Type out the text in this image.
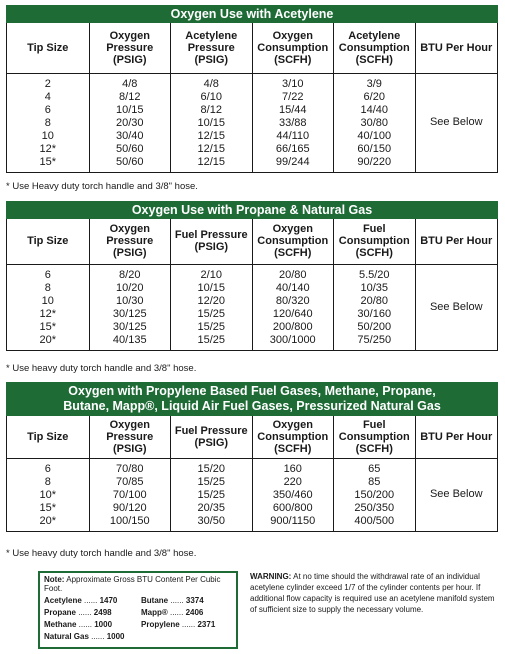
Oxygen Use with Acetylene
Tip Size	Oxygen Pressure (PSIG)	Acetylene Pressure (PSIG)	Oxygen Consumption (SCFH)	Acetylene Consumption (SCFH)	BTU Per Hour
2	4/8	4/8	3/10	3/9	See Below
4	8/12	6/10	7/22	6/20	
6	10/15	8/12	15/44	14/40	
8	20/30	10/15	33/88	30/80	
10	30/40	12/15	44/110	40/100	
12*	50/60	12/15	66/165	60/150	
15*	50/60	12/15	99/244	90/220	
* Use Heavy duty torch handle and 3/8" hose.
Oxygen Use with Propane & Natural Gas
Tip Size	Oxygen Pressure (PSIG)	Fuel Pressure (PSIG)	Oxygen Consumption (SCFH)	Fuel Consumption (SCFH)	BTU Per Hour
6	8/20	2/10	20/80	5.5/20	See Below
8	10/20	10/15	40/140	10/35	
10	10/30	12/20	80/320	20/80	
12*	30/125	15/25	120/640	30/160	
15*	30/125	15/25	200/800	50/200	
20*	40/135	15/25	300/1000	75/250	
* Use heavy duty torch handle and 3/8" hose.
Oxygen with Propylene Based Fuel Gases, Methane, Propane,
Butane, Mapp®, Liquid Air Fuel Gases, Pressurized Natural Gas
Tip Size	Oxygen Pressure (PSIG)	Fuel Pressure (PSIG)	Oxygen Consumption (SCFH)	Fuel Consumption (SCFH)	BTU Per Hour
6	70/80	15/20	160	65	See Below
8	70/85	15/25	220	85	
10*	70/100	15/25	350/460	150/200	
15*	90/120	20/35	600/800	250/350	
20*	100/150	30/50	900/1150	400/500	
* Use heavy duty torch handle and 3/8" hose.
Note: Approximate Gross BTU Content Per Cubic Foot.
Acetylene ...... 1470	Butane ...... 3374
Propane ...... 2498	Mapp® ...... 2406
Methane ...... 1000	Propylene ...... 2371
Natural Gas ...... 1000
WARNING: At no time should the withdrawal rate of an individual acetylene cylinder exceed 1/7 of the cylinder contents per hour. If additional flow capacity is required use an acetylene manifold system of sufficient size to supply the necessary volume.
